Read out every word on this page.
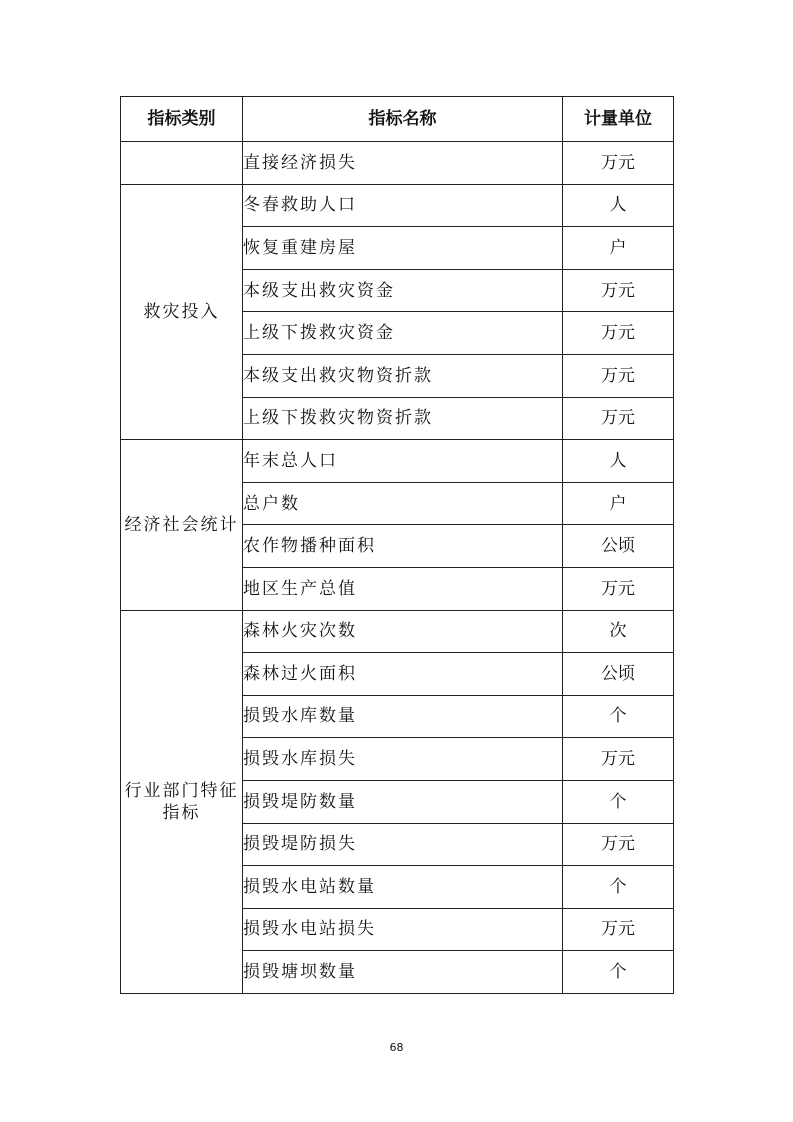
指标类别	指标名称	计量单位
	直接经济损失	万元
救灾投入	冬春救助人口	人
	恢复重建房屋	户
	本级支出救灾资金	万元
	上级下拨救灾资金	万元
	本级支出救灾物资折款	万元
	上级下拨救灾物资折款	万元
经济社会统计	年末总人口	人
	总户数	户
	农作物播种面积	公顷
	地区生产总值	万元
行业部门特征指标	森林火灾次数	次
	森林过火面积	公顷
	损毁水库数量	个
	损毁水库损失	万元
	损毁堤防数量	个
	损毁堤防损失	万元
	损毁水电站数量	个
	损毁水电站损失	万元
	损毁塘坝数量	个
68
